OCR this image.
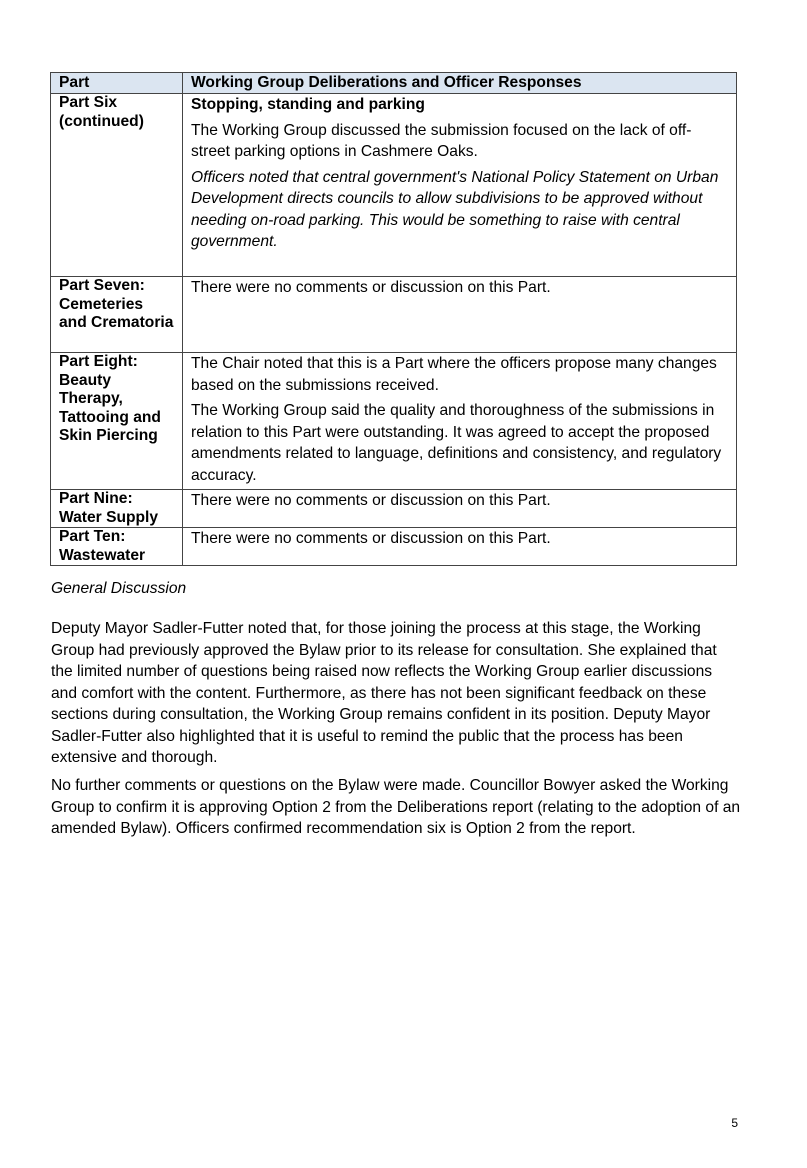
Part	Working Group Deliberations and Officer Responses
Part Six (continued)	Stopping, standing and parking

The Working Group discussed the submission focused on the lack of off-street parking options in Cashmere Oaks.

Officers noted that central government's National Policy Statement on Urban Development directs councils to allow subdivisions to be approved without needing on-road parking. This would be something to raise with central government.

Part Seven: Cemeteries and Crematoria	There were no comments or discussion on this Part.

Part Eight: Beauty Therapy, Tattooing and Skin Piercing	The Chair noted that this is a Part where the officers propose many changes based on the submissions received.

The Working Group said the quality and thoroughness of the submissions in relation to this Part were outstanding. It was agreed to accept the proposed amendments related to language, definitions and consistency, and regulatory accuracy.

Part Nine: Water Supply	There were no comments or discussion on this Part.

Part Ten: Wastewater	There were no comments or discussion on this Part.

General Discussion

Deputy Mayor Sadler-Futter noted that, for those joining the process at this stage, the Working Group had previously approved the Bylaw prior to its release for consultation. She explained that the limited number of questions being raised now reflects the Working Group earlier discussions and comfort with the content. Furthermore, as there has not been significant feedback on these sections during consultation, the Working Group remains confident in its position. Deputy Mayor Sadler-Futter also highlighted that it is useful to remind the public that the process has been extensive and thorough.

No further comments or questions on the Bylaw were made. Councillor Bowyer asked the Working Group to confirm it is approving Option 2 from the Deliberations report (relating to the adoption of an amended Bylaw). Officers confirmed recommendation six is Option 2 from the report.

5
